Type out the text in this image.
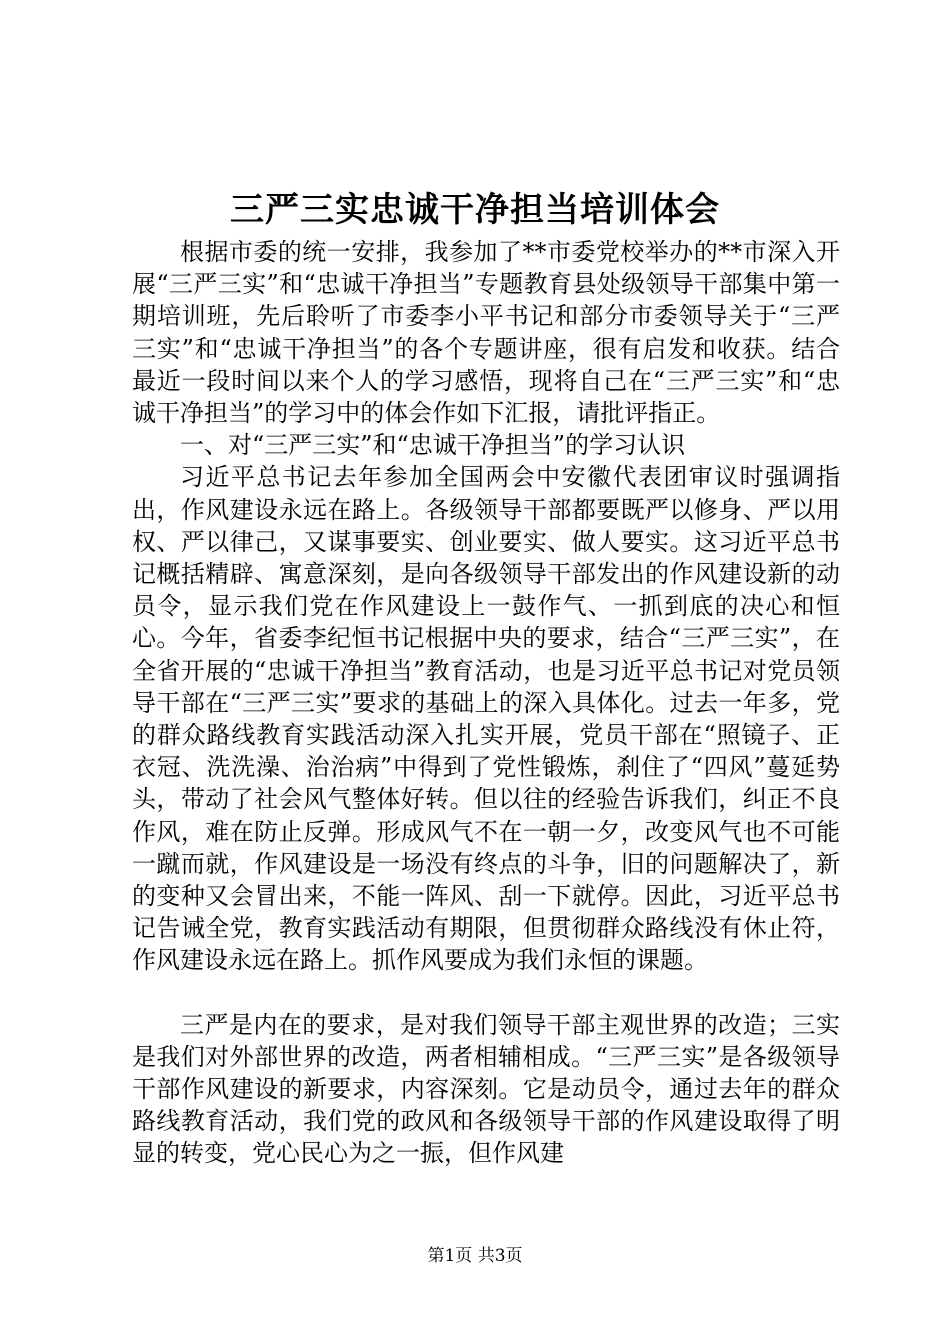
三严三实忠诚干净担当培训体会

根据市委的统一安排，我参加了**市委党校举办的**市深入开展“三严三实”和“忠诚干净担当”专题教育县处级领导干部集中第一期培训班，先后聆听了市委李小平书记和部分市委领导关于“三严三实”和“忠诚干净担当”的各个专题讲座，很有启发和收获。结合最近一段时间以来个人的学习感悟，现将自己在“三严三实”和“忠诚干净担当”的学习中的体会作如下汇报，请批评指正。

一、对“三严三实”和“忠诚干净担当”的学习认识

习近平总书记去年参加全国两会中安徽代表团审议时强调指出，作风建设永远在路上。各级领导干部都要既严以修身、严以用权、严以律己，又谋事要实、创业要实、做人要实。这习近平总书记概括精辟、寓意深刻，是向各级领导干部发出的作风建设新的动员令，显示我们党在作风建设上一鼓作气、一抓到底的决心和恒心。今年，省委李纪恒书记根据中央的要求，结合“三严三实”，在全省开展的“忠诚干净担当”教育活动，也是习近平总书记对党员领导干部在“三严三实”要求的基础上的深入具体化。过去一年多，党的群众路线教育实践活动深入扎实开展，党员干部在“照镜子、正衣冠、洗洗澡、治治病”中得到了党性锻炼，刹住了“四风”蔓延势头，带动了社会风气整体好转。但以往的经验告诉我们，纠正不良作风，难在防止反弹。形成风气不在一朝一夕，改变风气也不可能一蹴而就，作风建设是一场没有终点的斗争，旧的问题解决了，新的变种又会冒出来，不能一阵风、刮一下就停。因此，习近平总书记告诫全党，教育实践活动有期限，但贯彻群众路线没有休止符，作风建设永远在路上。抓作风要成为我们永恒的课题。

三严是内在的要求，是对我们领导干部主观世界的改造；三实是我们对外部世界的改造，两者相辅相成。“三严三实”是各级领导干部作风建设的新要求，内容深刻。它是动员令，通过去年的群众路线教育活动，我们党的政风和各级领导干部的作风建设取得了明显的转变，党心民心为之一振，但作风建

第1页 共3页
